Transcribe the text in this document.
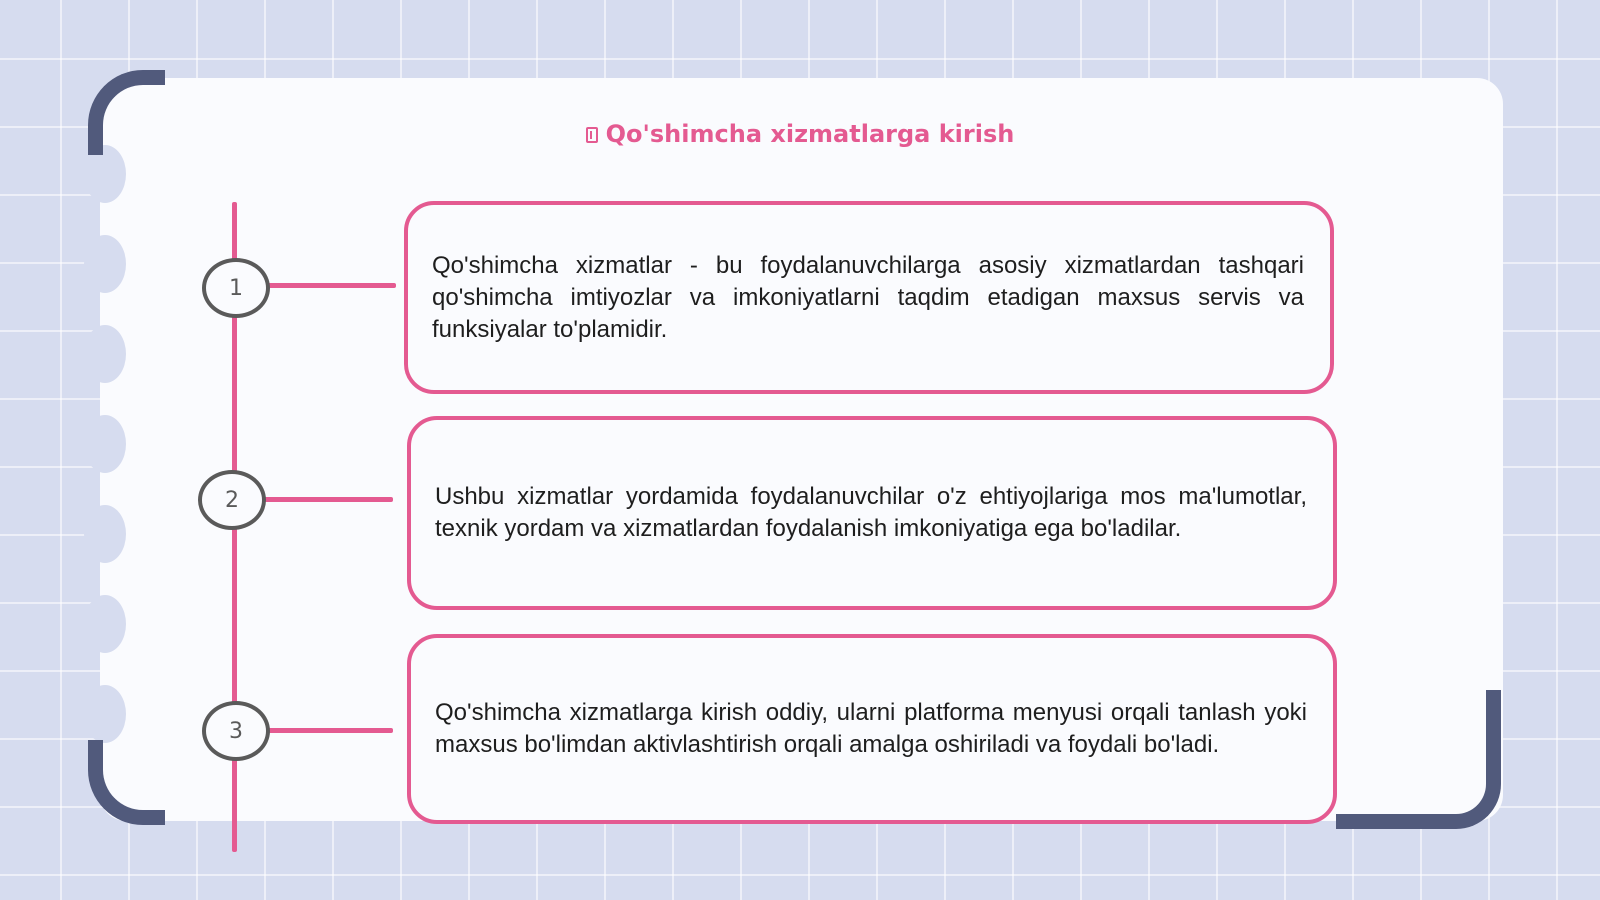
Qo'shimcha xizmatlarga kirish
1

Qo'shimcha xizmatlar - bu foydalanuvchilarga asosiy xizmatlardan tashqari qo'shimcha imtiyozlar va imkoniyatlarni taqdim etadigan maxsus servis va funksiyalar to'plamidir.

2	Ushbu xizmatlar yordamida foydalanuvchilar o'z ehtiyojlariga mos ma'lumotlar, texnik yordam va xizmatlardan foydalanish imkoniyatiga ega bo'ladilar.

3

Qo'shimcha xizmatlarga kirish oddiy, ularni platforma menyusi orqali tanlash yoki maxsus bo'limdan aktivlashtirish orqali amalga oshiriladi va foydali bo'ladi.
